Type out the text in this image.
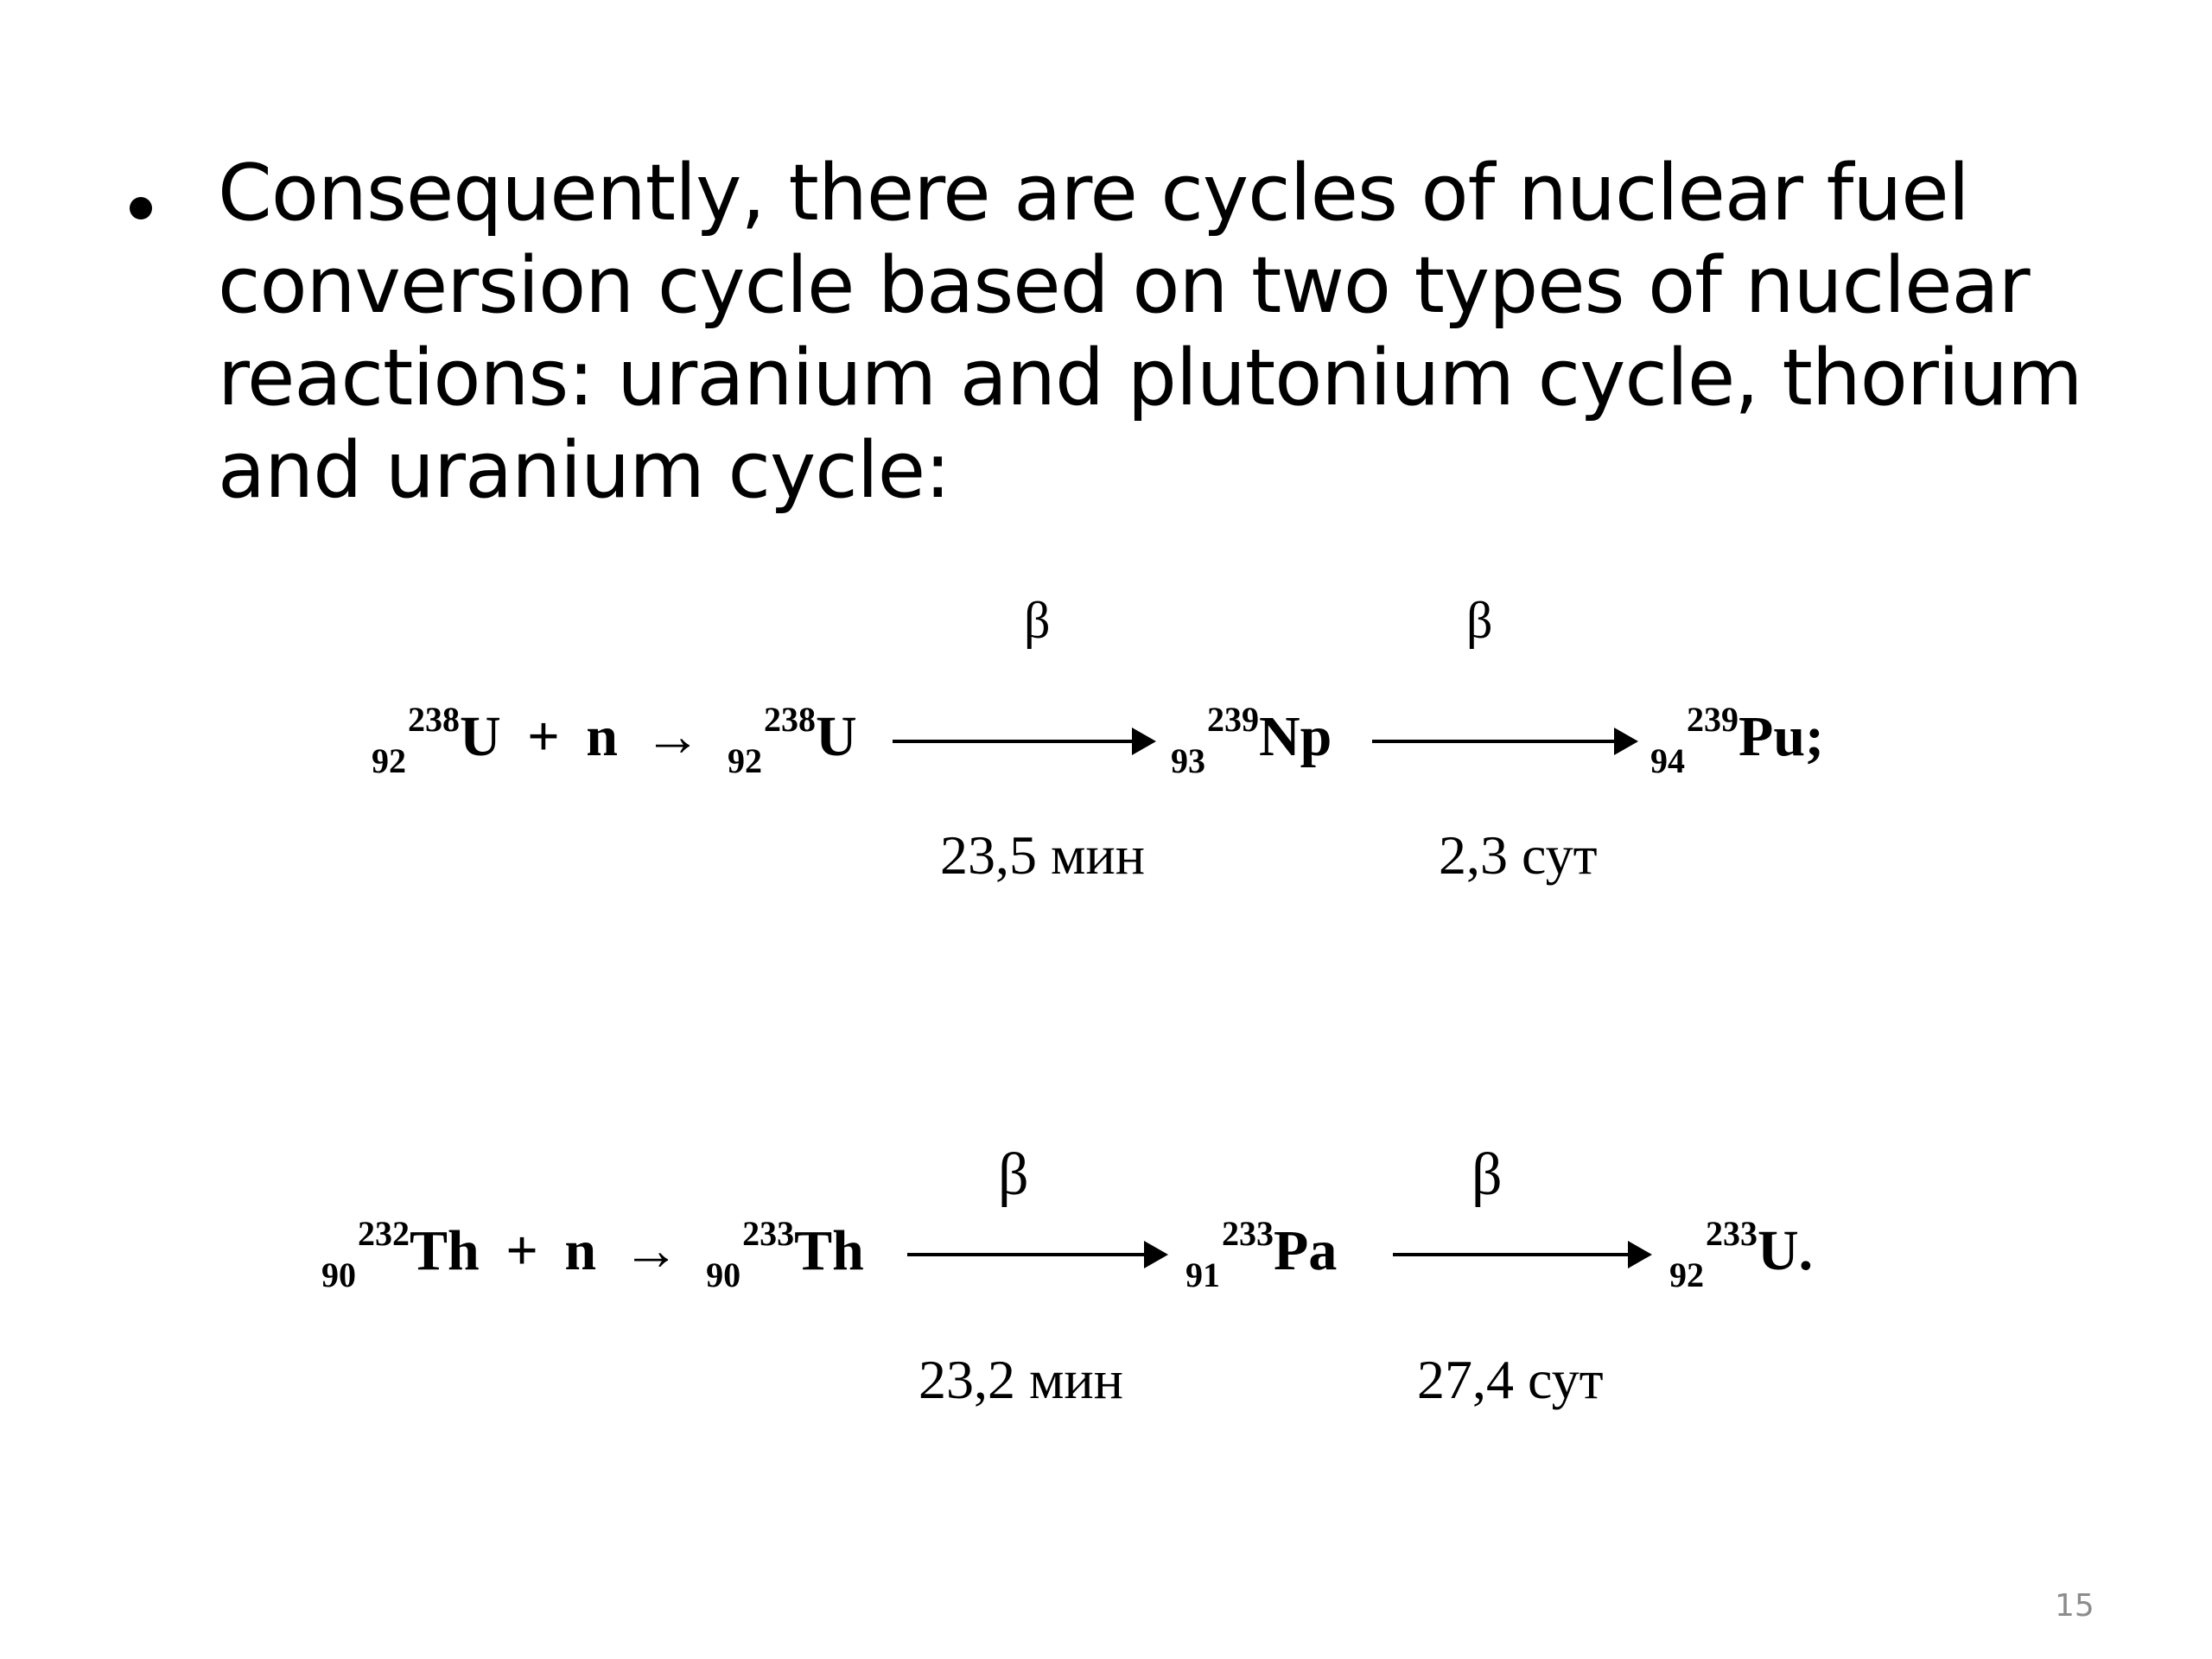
Consequently, there are cycles of nuclear fuel conversion cycle based on two types of nuclear reactions: uranium and plutonium cycle, thorium and uranium cycle:
β	β
92238U + n → 92238U	93239Np	94239Pu;
23,5 мин	2,3 сут
β	β
90232Th + n → 90233Th	91233Pa	92233U.
23,2 мин	27,4 сут
15
